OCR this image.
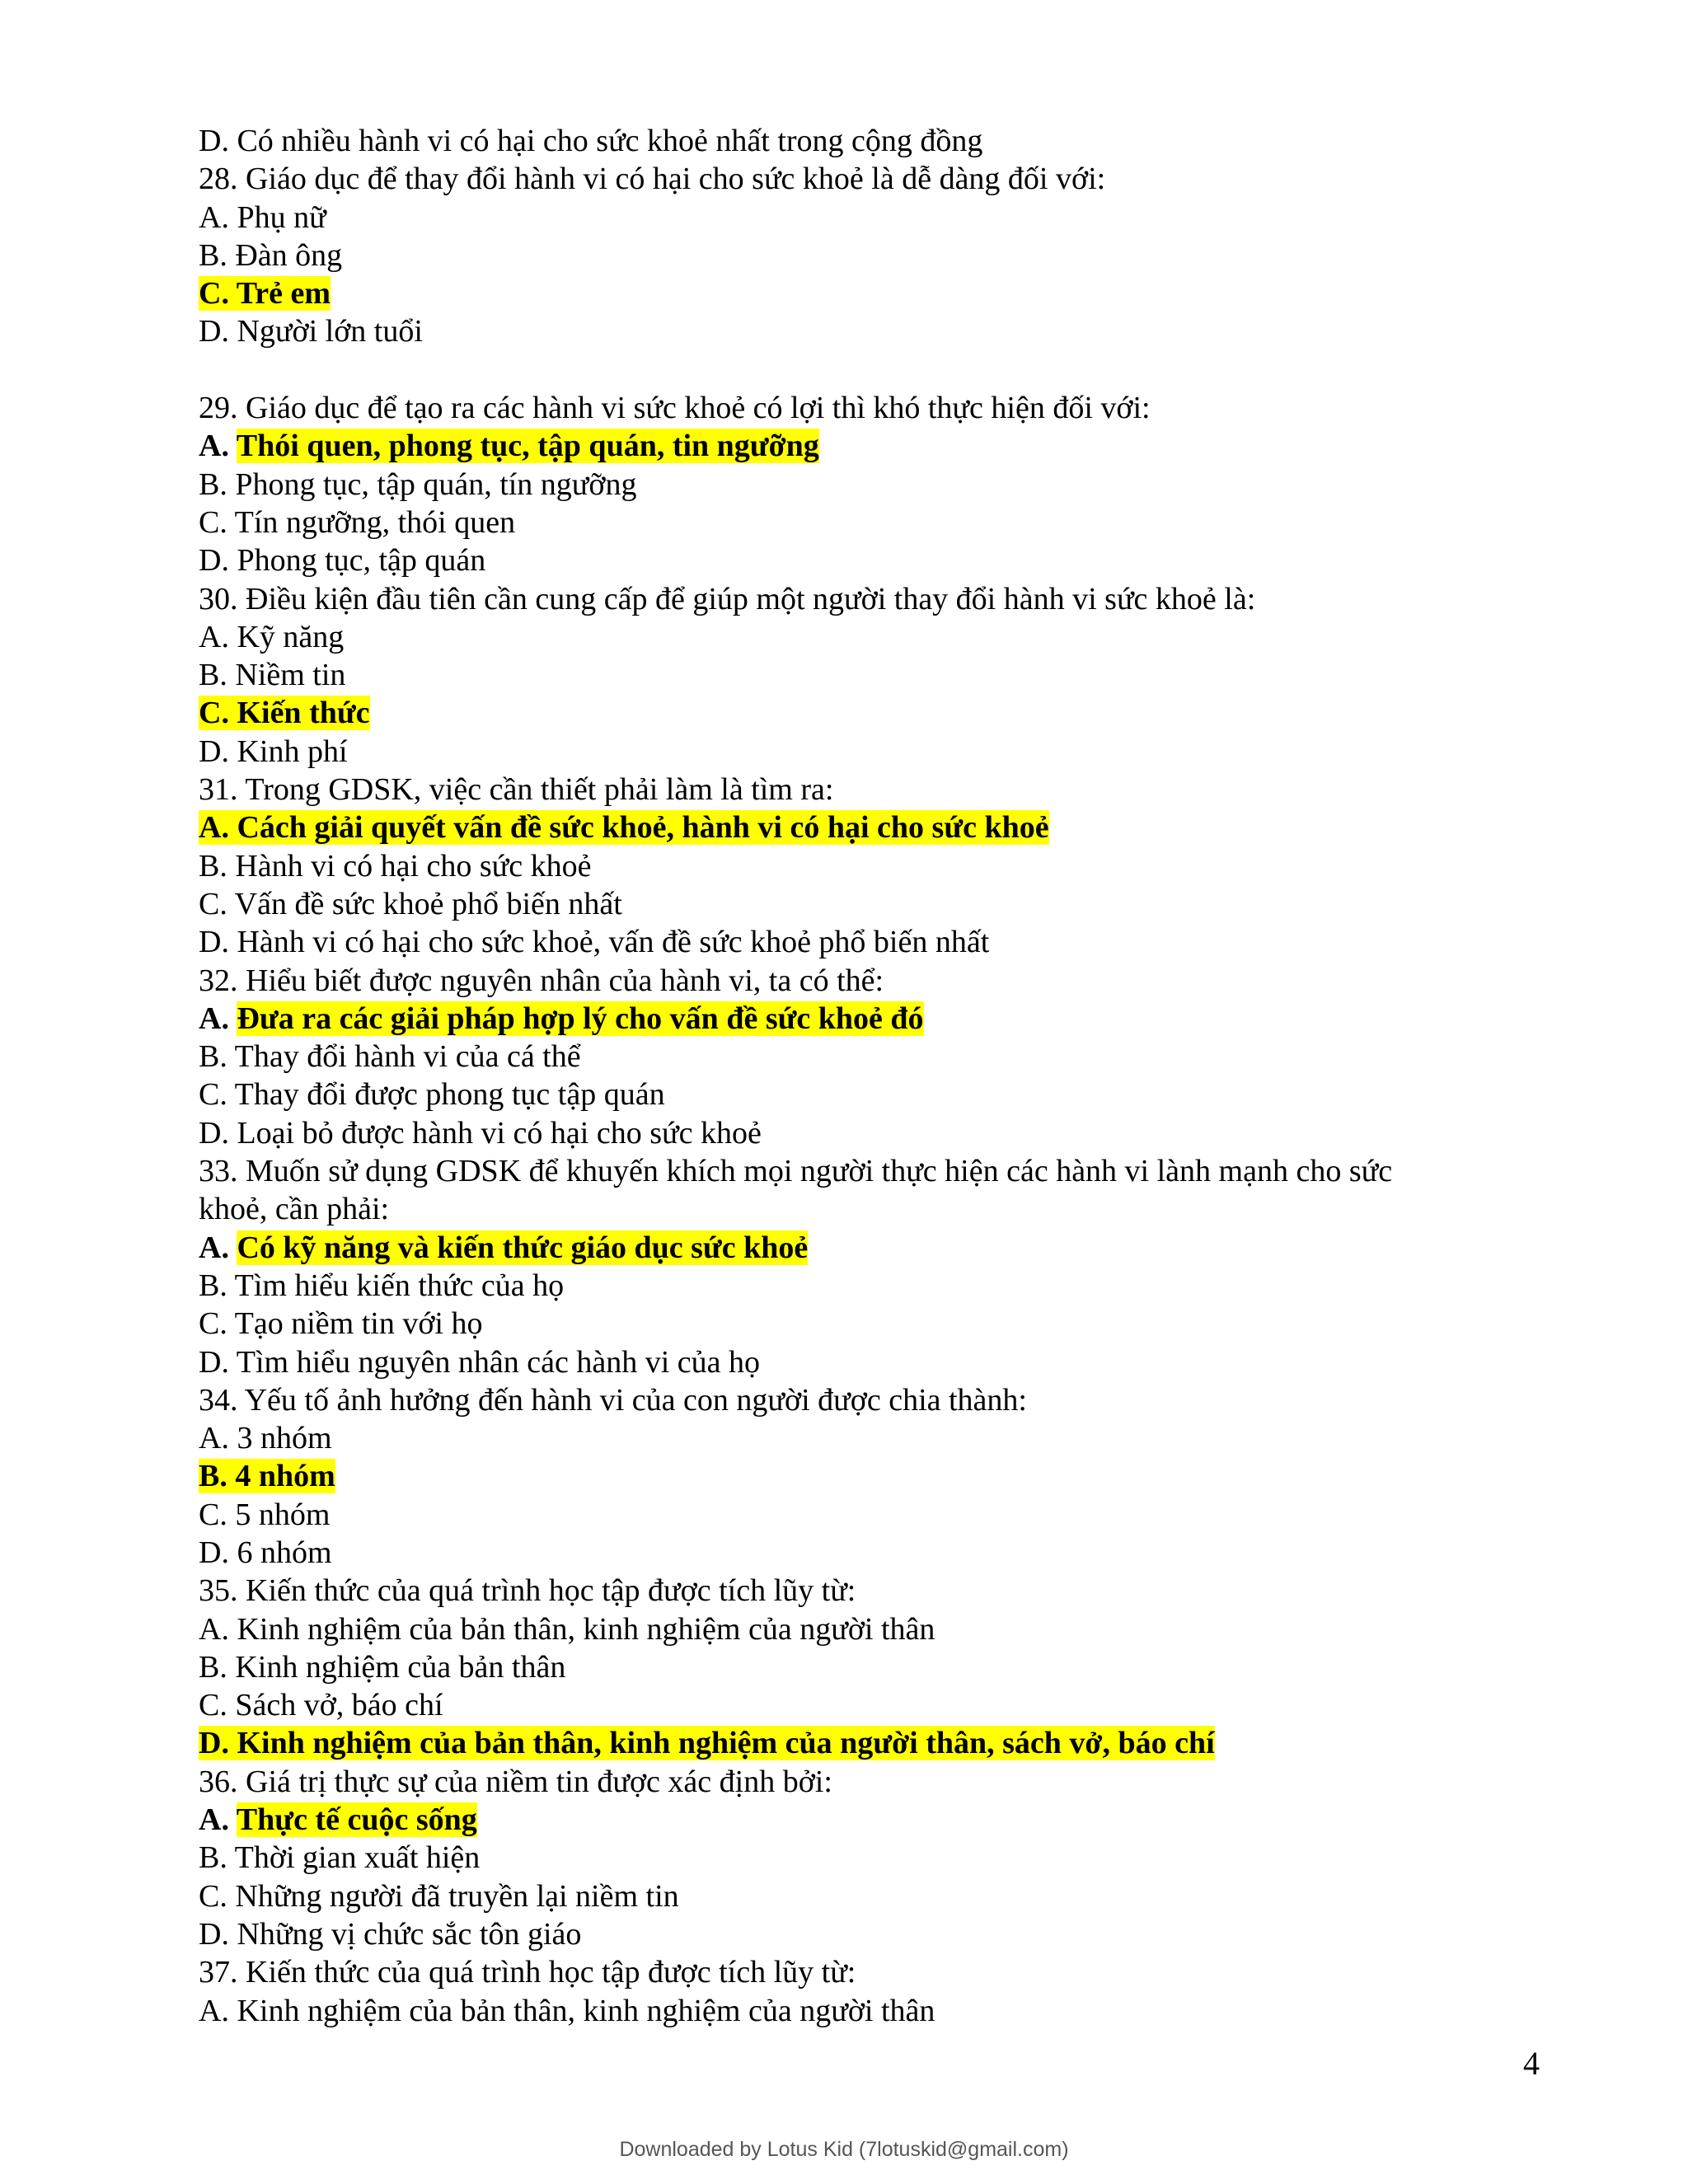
D. Có nhiều hành vi có hại cho sức khoẻ nhất trong cộng đồng
28. Giáo dục để thay đổi hành vi có hại cho sức khoẻ là dễ dàng đối với:
A. Phụ nữ
B. Đàn ông
C. Trẻ em
D. Người lớn tuổi
29. Giáo dục để tạo ra các hành vi sức khoẻ có lợi thì khó thực hiện đối với:
A. Thói quen, phong tục, tập quán, tin ngưỡng
B. Phong tục, tập quán, tín ngưỡng
C. Tín ngưỡng, thói quen
D. Phong tục, tập quán
30. Điều kiện đầu tiên cần cung cấp để giúp một người thay đổi hành vi sức khoẻ là:
A. Kỹ năng
B. Niềm tin
C. Kiến thức
D. Kinh phí
31. Trong GDSK, việc cần thiết phải làm là tìm ra:
A. Cách giải quyết vấn đề sức khoẻ, hành vi có hại cho sức khoẻ
B. Hành vi có hại cho sức khoẻ
C. Vấn đề sức khoẻ phổ biến nhất
D. Hành vi có hại cho sức khoẻ, vấn đề sức khoẻ phổ biến nhất
32. Hiểu biết được nguyên nhân của hành vi, ta có thể:
A. Đưa ra các giải pháp hợp lý cho vấn đề sức khoẻ đó
B. Thay đổi hành vi của cá thể
C. Thay đổi được phong tục tập quán
D. Loại bỏ được hành vi có hại cho sức khoẻ
33. Muốn sử dụng GDSK để khuyến khích mọi người thực hiện các hành vi lành mạnh cho sức
khoẻ, cần phải:
A. Có kỹ năng và kiến thức giáo dục sức khoẻ
B. Tìm hiểu kiến thức của họ
C. Tạo niềm tin với họ
D. Tìm hiểu nguyên nhân các hành vi của họ
34. Yếu tố ảnh hưởng đến hành vi của con người được chia thành:
A. 3 nhóm
B. 4 nhóm
C. 5 nhóm
D. 6 nhóm
35. Kiến thức của quá trình học tập được tích lũy từ:
A. Kinh nghiệm của bản thân, kinh nghiệm của người thân
B. Kinh nghiệm của bản thân
C. Sách vở, báo chí
D. Kinh nghiệm của bản thân, kinh nghiệm của người thân, sách vở, báo chí
36. Giá trị thực sự của niềm tin được xác định bởi:
A. Thực tế cuộc sống
B. Thời gian xuất hiện
C. Những người đã truyền lại niềm tin
D. Những vị chức sắc tôn giáo
37. Kiến thức của quá trình học tập được tích lũy từ:
A. Kinh nghiệm của bản thân, kinh nghiệm của người thân
4
Downloaded by Lotus Kid (7lotuskid@gmail.com)
